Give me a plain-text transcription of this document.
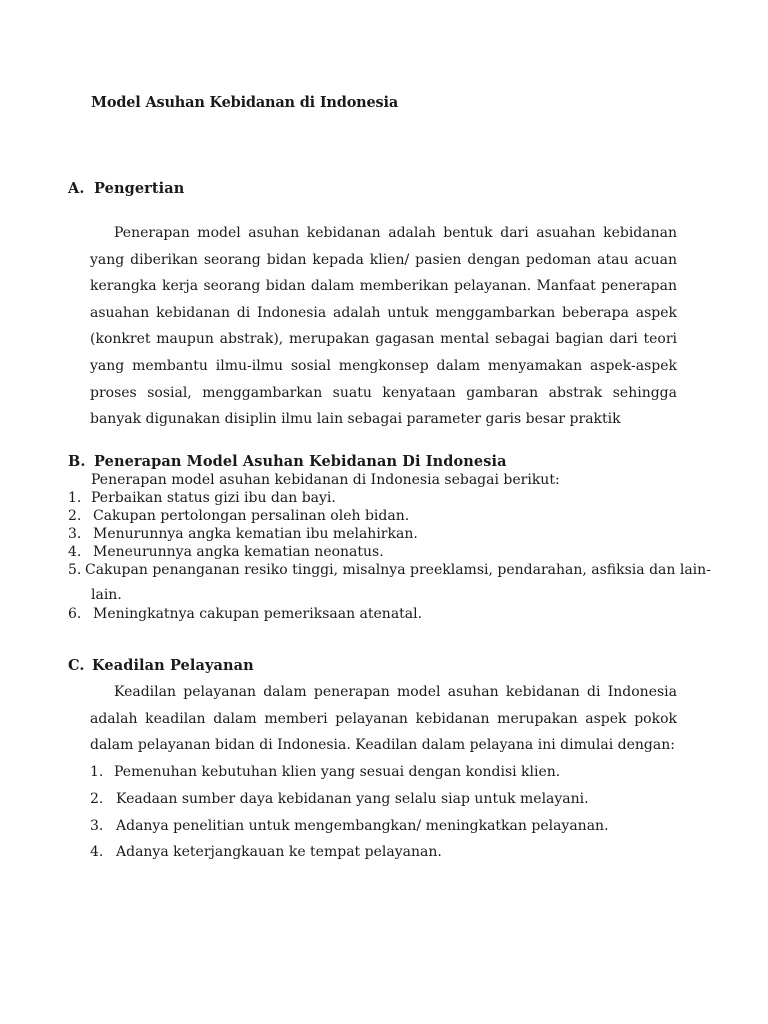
Model Asuhan Kebidanan di Indonesia
A. Pengertian

Penerapan model asuhan kebidanan adalah bentuk dari asuahan kebidanan yang diberikan seorang bidan kepada klien/ pasien dengan pedoman atau acuan kerangka kerja seorang bidan dalam memberikan pelayanan. Manfaat penerapan asuahan kebidanan di Indonesia adalah untuk menggambarkan beberapa aspek (konkret maupun abstrak), merupakan gagasan mental sebagai bagian dari teori yang membantu ilmu-ilmu sosial mengkonsep dalam menyamakan aspek-aspek proses sosial, menggambarkan suatu kenyataan gambaran abstrak sehingga banyak digunakan disiplin ilmu lain sebagai parameter garis besar praktik

B. Penerapan Model Asuhan Kebidanan Di Indonesia
Penerapan model asuhan kebidanan di Indonesia sebagai berikut:
1. Perbaikan status gizi ibu dan bayi.
2. Cakupan pertolongan persalinan oleh bidan.
3. Menurunnya angka kematian ibu melahirkan.
4. Meneurunnya angka kematian neonatus.
5. Cakupan penanganan resiko tinggi, misalnya preeklamsi, pendarahan, asfiksia dan lain-
lain.
6. Meningkatnya cakupan pemeriksaan atenatal.
C. Keadilan Pelayanan

Keadilan pelayanan dalam penerapan model asuhan kebidanan di Indonesia adalah keadilan dalam memberi pelayanan kebidanan merupakan aspek pokok dalam pelayanan bidan di Indonesia. Keadilan dalam pelayana ini dimulai dengan:

1. Pemenuhan kebutuhan klien yang sesuai dengan kondisi klien.
2. Keadaan sumber daya kebidanan yang selalu siap untuk melayani.
3. Adanya penelitian untuk mengembangkan/ meningkatkan pelayanan.
4. Adanya keterjangkauan ke tempat pelayanan.
